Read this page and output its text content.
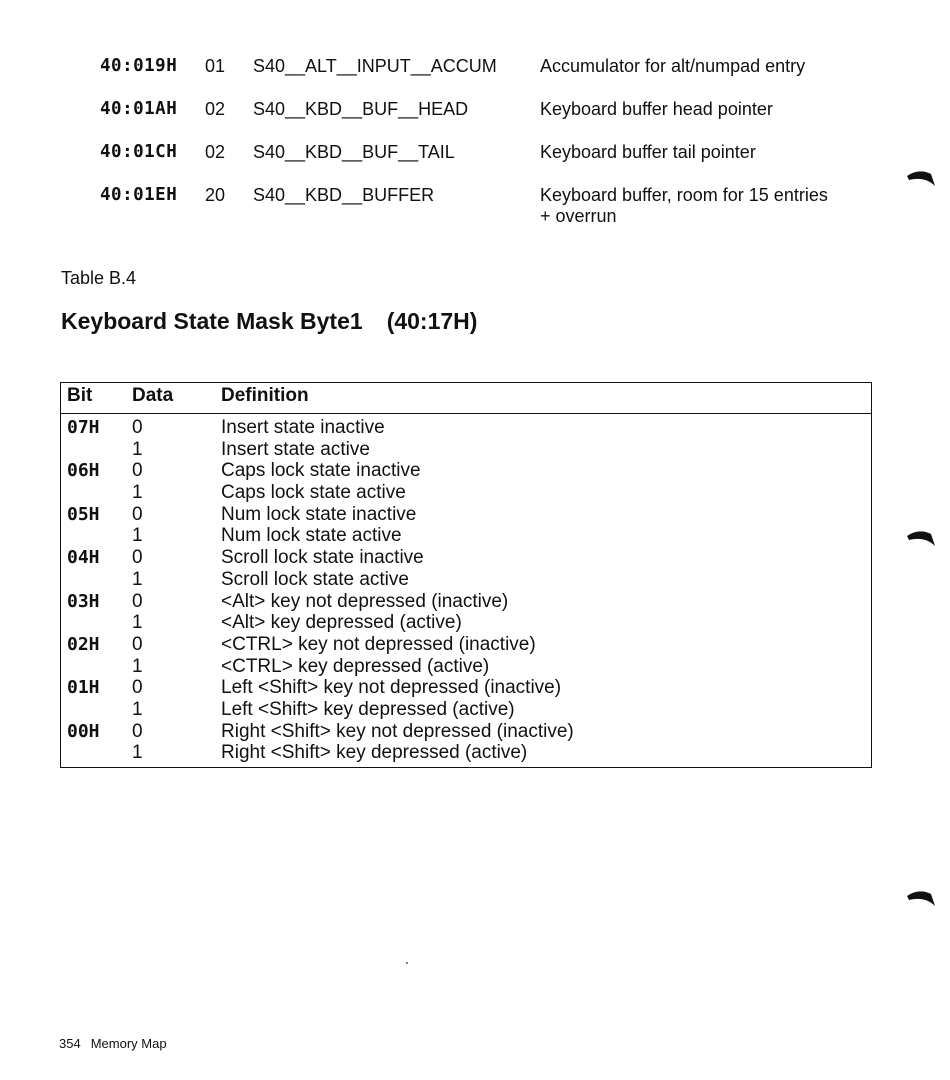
40:019H 01 S40__ALT__INPUT__ACCUM Accumulator for alt/numpad entry
40:01AH 02 S40__KBD__BUF__HEAD	Keyboard buffer head pointer
40:01CH 02 S40__KBD__BUF__TAIL	Keyboard buffer tail pointer
40:01EH 20 S40__KBD__BUFFER	Keyboard buffer, room for 15 entries + overrun
Table B.4
Keyboard State Mask Byte1 (40:17H)
Bit Data	Definition
07H 0	Insert state inactive
1	Insert state active
06H 0	Caps lock state inactive
1	Caps lock state active
05H 0	Num lock state inactive
1	Num lock state active
04H 0	Scroll lock state inactive
1	Scroll lock state active
03H 0	<Alt> key not depressed (inactive)
1	<Alt> key depressed (active)
02H 0	<CTRL> key not depressed (inactive)
1	<CTRL> key depressed (active)
01H 0	Left <Shift> key not depressed (inactive)
1	Left <Shift> key depressed (active)
00H 0	Right <Shift> key not depressed (inactive)
1	Right <Shift> key depressed (active)
354 Memory Map
